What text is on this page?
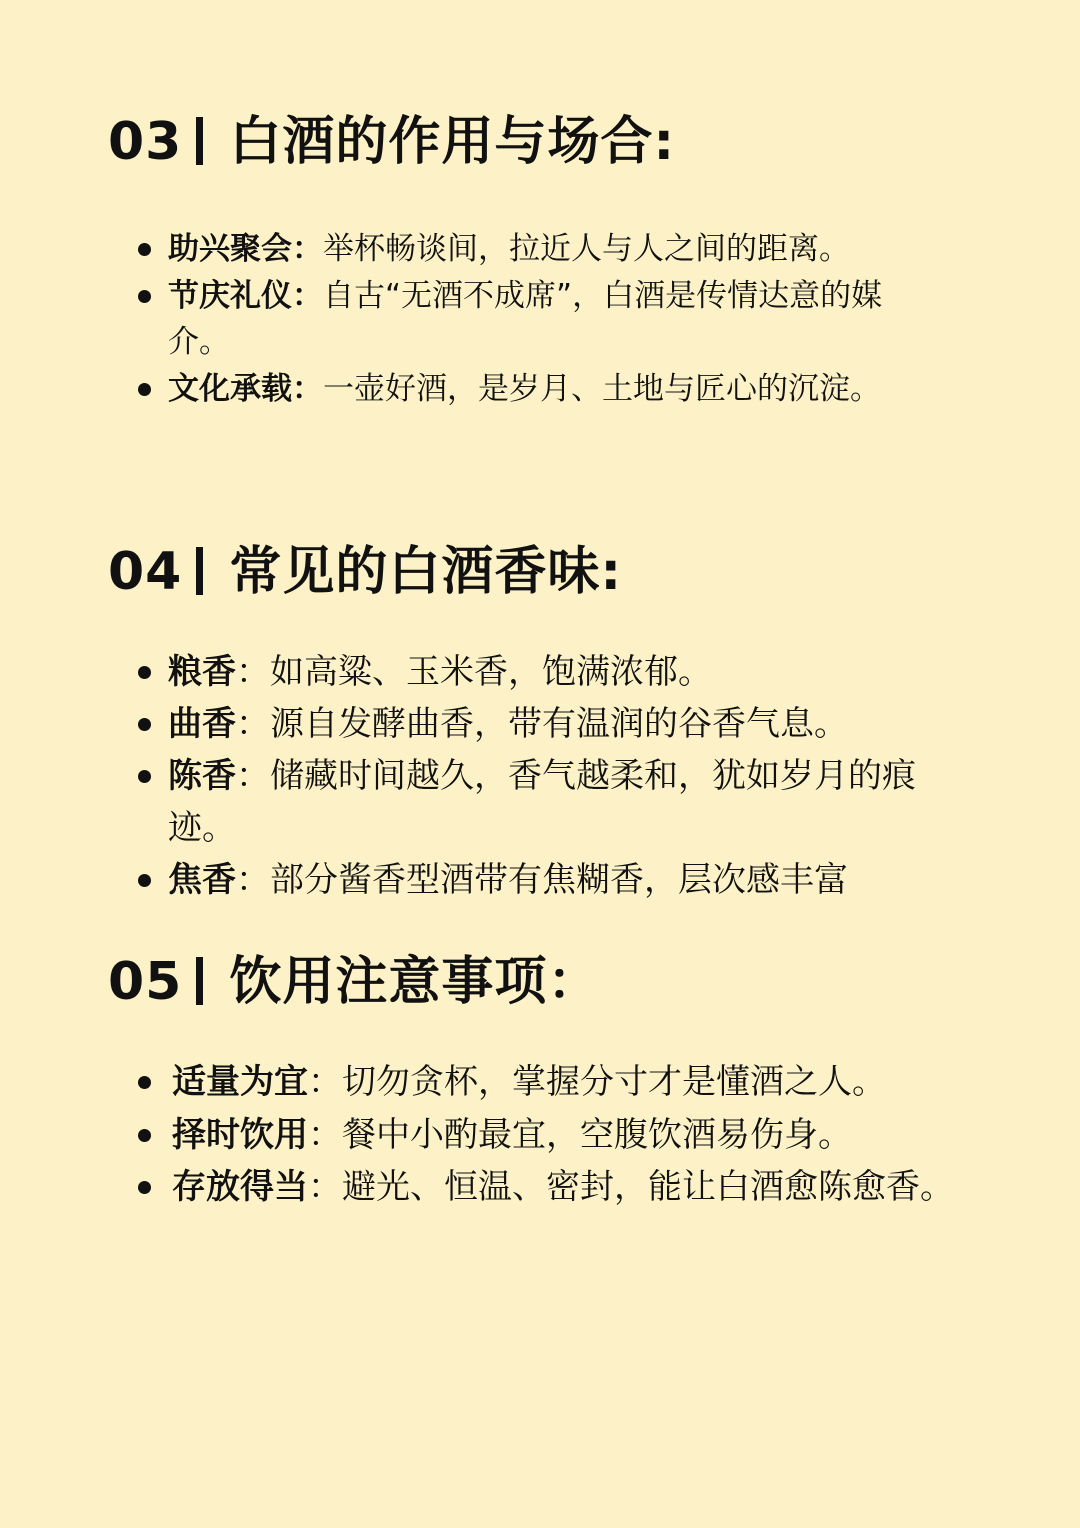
03 白酒的作用与场合:
助兴聚会：举杯畅谈间，拉近人与人之间的距离。
节庆礼仪：自古“无酒不成席”，白酒是传情达意的媒介。
文化承载：一壶好酒，是岁月、土地与匠心的沉淀。
04 常见的白酒香味:
粮香：如高粱、玉米香，饱满浓郁。
曲香：源自发酵曲香，带有温润的谷香气息。
陈香：储藏时间越久，香气越柔和，犹如岁月的痕迹。
焦香：部分酱香型酒带有焦糊香，层次感丰富
05 饮用注意事项：
适量为宜：切勿贪杯，掌握分寸才是懂酒之人。
择时饮用：餐中小酌最宜，空腹饮酒易伤身。
存放得当：避光、恒温、密封，能让白酒愈陈愈香。
